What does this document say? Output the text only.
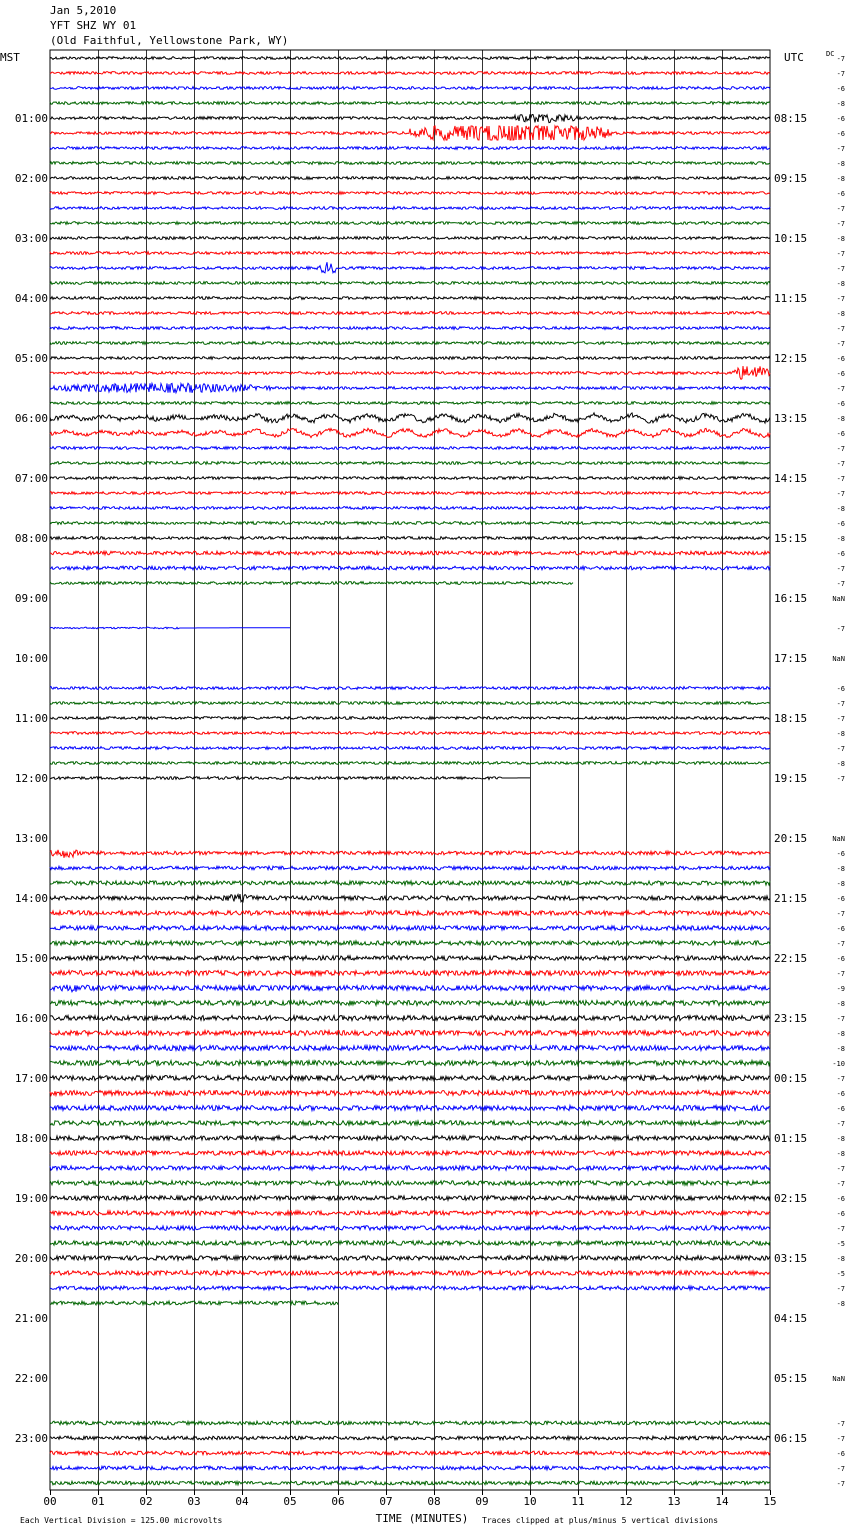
Jan 5,2010
YFT SHZ WY 01
(Old Faithful, Yellowstone Park, WY)
-7
-7
-6
-8
-6
-6
-7
-8
-8
-6
-7
-7
-8
-7
-7
-8
-7
-8
-7
-7
-6
-6
-7
-6
-8
-6
-7
-7
-7
-7
-8
-6
-8
-6
-7
-7
-7
-6
-7
-7
-8
-7
-8
-7
-6
-8
-8
-6
-7
-6
-7
-6
-7
-9
-8
-7
-8
-8
-10
-7
-6
-6
-7
-8
-8
-7
-7
-6
-6
-7
-5
-8
-5
-7
-8
-7
-7
-6
-7
-7
NaN
NaN
NaN
NaN
DC
MST	UTC
01:00
02:00
03:00
04:00
05:00
06:00
07:00
08:00
09:00
10:00
11:00
12:00
13:00
14:00
15:00
16:00
17:00
18:00
19:00
20:00
21:00
22:00
23:00
08:15
09:15
10:15
11:15
12:15
13:15
14:15
15:15
16:15
17:15
18:15
19:15
20:15
21:15
22:15
23:15
00:15
01:15
02:15
03:15
04:15
05:15
06:15
00	01	02	03	04	05	06	07	08	09	10	11	12	13	14	15
TIME (MINUTES)
Each Vertical Division = 125.00 microvolts	Traces clipped at plus/minus 5 vertical divisions
